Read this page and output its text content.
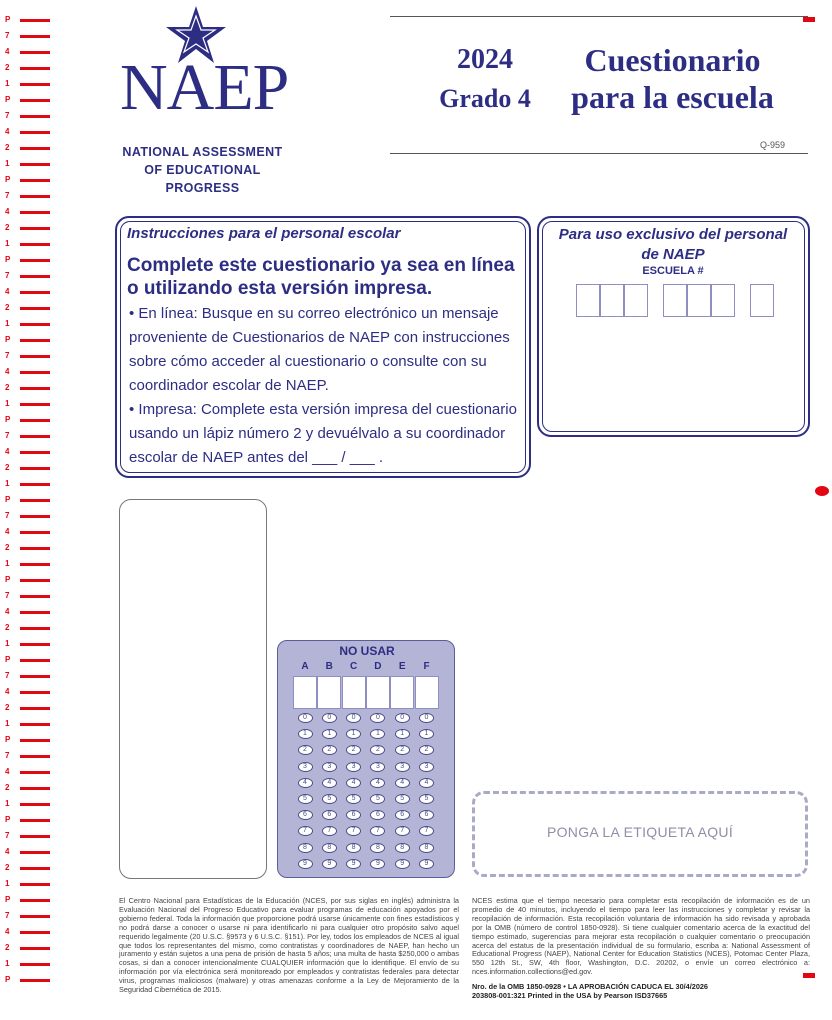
P
7
4
2
1
P
7
4
2
1
P
7
4
2
1
P
7
4
2
1
P
7
4
2
1
P
7
4
2
1
P
7
4
2
1
P
7
4
2
1
P
7
4
2
1
P
7
4
2
1
P
7
4
2
1
P
7
4
2
1
P
NAEP
NATIONAL ASSESSMENT
OF EDUCATIONAL
PROGRESS
2024
Grado 4
Cuestionario
para la escuela
Q-959
Instrucciones para el personal escolar
Complete este cuestionario ya sea en línea o utilizando esta versión impresa.
• En línea: Busque en su correo electrónico un mensaje proveniente de Cuestionarios de NAEP con instrucciones sobre cómo acceder al cuestionario o consulte con su coordinador escolar de NAEP.
• Impresa: Complete esta versión impresa del cuestionario usando un lápiz número 2 y devuélvalo a su coordinador escolar de NAEP antes del ___ / ___ .
Para uso exclusivo del personal de NAEP
ESCUELA #
NO USAR
A
0
1
2
3
4
5
6
7
8
9
B
0
1
2
3
4
5
6
7
8
9
C
0
1
2
3
4
5
6
7
8
9
D
0
1
2
3
4
5
6
7
8
9
E
0
1
2
3
4
5
6
7
8
9
F
0
1
2
3
4
5
6
7
8
9
PONGA LA ETIQUETA AQUÍ
El Centro Nacional para Estadísticas de la Educación (NCES, por sus siglas en inglés) administra la Evaluación Nacional del Progreso Educativo para evaluar programas de educación apoyados por el gobierno federal. Toda la información que proporcione podrá usarse únicamente con fines estadísticos y no podrá darse a conocer o usarse ni para identificarlo ni para cualquier otro propósito salvo aquel requerido legalmente (20 U.S.C. §9573 y 6 U.S.C. §151). Por ley, todos los empleados de NCES al igual que todos los representantes del mismo, como contratistas y coordinadores de NAEP, han hecho un juramento y están sujetos a una pena de prisión de hasta 5 años; una multa de hasta $250,000 o ambas cosas, si dan a conocer intencionalmente CUALQUIER información que lo identifique. El envío de su información por vía electrónica será monitoreado por empleados y contratistas federales para detectar virus, programas maliciosos (malware) y otras amenazas conforme a la Ley de Mejoramiento de la Seguridad Cibernética de 2015.
NCES estima que el tiempo necesario para completar esta recopilación de información es de un promedio de 40 minutos, incluyendo el tiempo para leer las instrucciones y completar y revisar la recopilación de información. Esta recopilación voluntaria de información ha sido revisada y aprobada por la OMB (número de control 1850-0928). Si tiene cualquier comentario acerca de la exactitud del tiempo estimado, sugerencias para mejorar esta recopilación o cualquier comentario o preocupación acerca del estatus de la presentación individual de su formulario, escriba a: National Assessment of Educational Progress (NAEP), National Center for Education Statistics (NCES), Potomac Center Plaza, 550 12th St., SW, 4th floor, Washington, D.C. 20202, o envíe un correo electrónico a: nces.information.collections@ed.gov.
Nro. de la OMB 1850-0928 • LA APROBACIÓN CADUCA EL 30/4/2026
203808-001:321 Printed in the USA by Pearson ISD37665
